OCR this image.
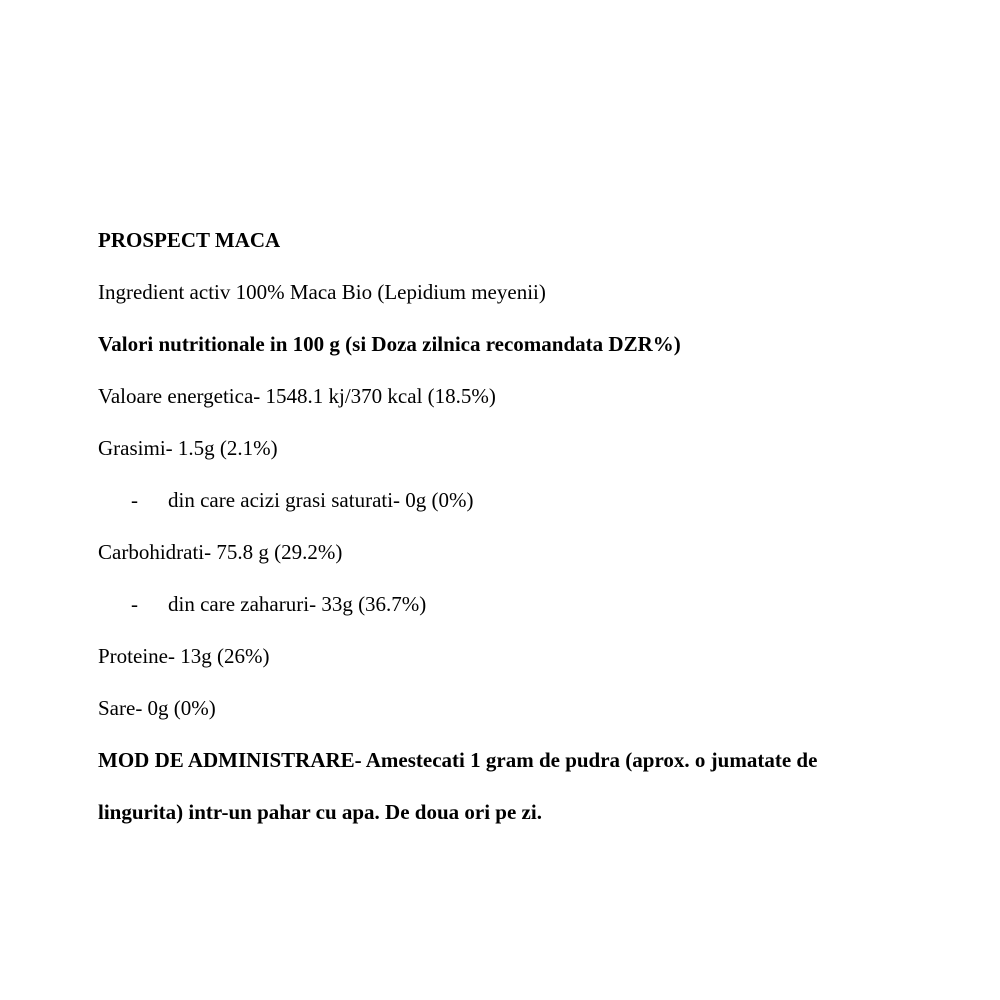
PROSPECT MACA
Ingredient activ 100% Maca Bio (Lepidium meyenii)
Valori nutritionale in 100 g (si Doza zilnica recomandata DZR%)
Valoare energetica- 1548.1 kj/370 kcal (18.5%)
Grasimi- 1.5g (2.1%)
- din care acizi grasi saturati- 0g (0%)
Carbohidrati- 75.8 g (29.2%)
- din care zaharuri- 33g (36.7%)
Proteine- 13g (26%)
Sare- 0g (0%)
MOD DE ADMINISTRARE- Amestecati 1 gram de pudra (aprox. o jumatate de
lingurita) intr-un pahar cu apa. De doua ori pe zi.
